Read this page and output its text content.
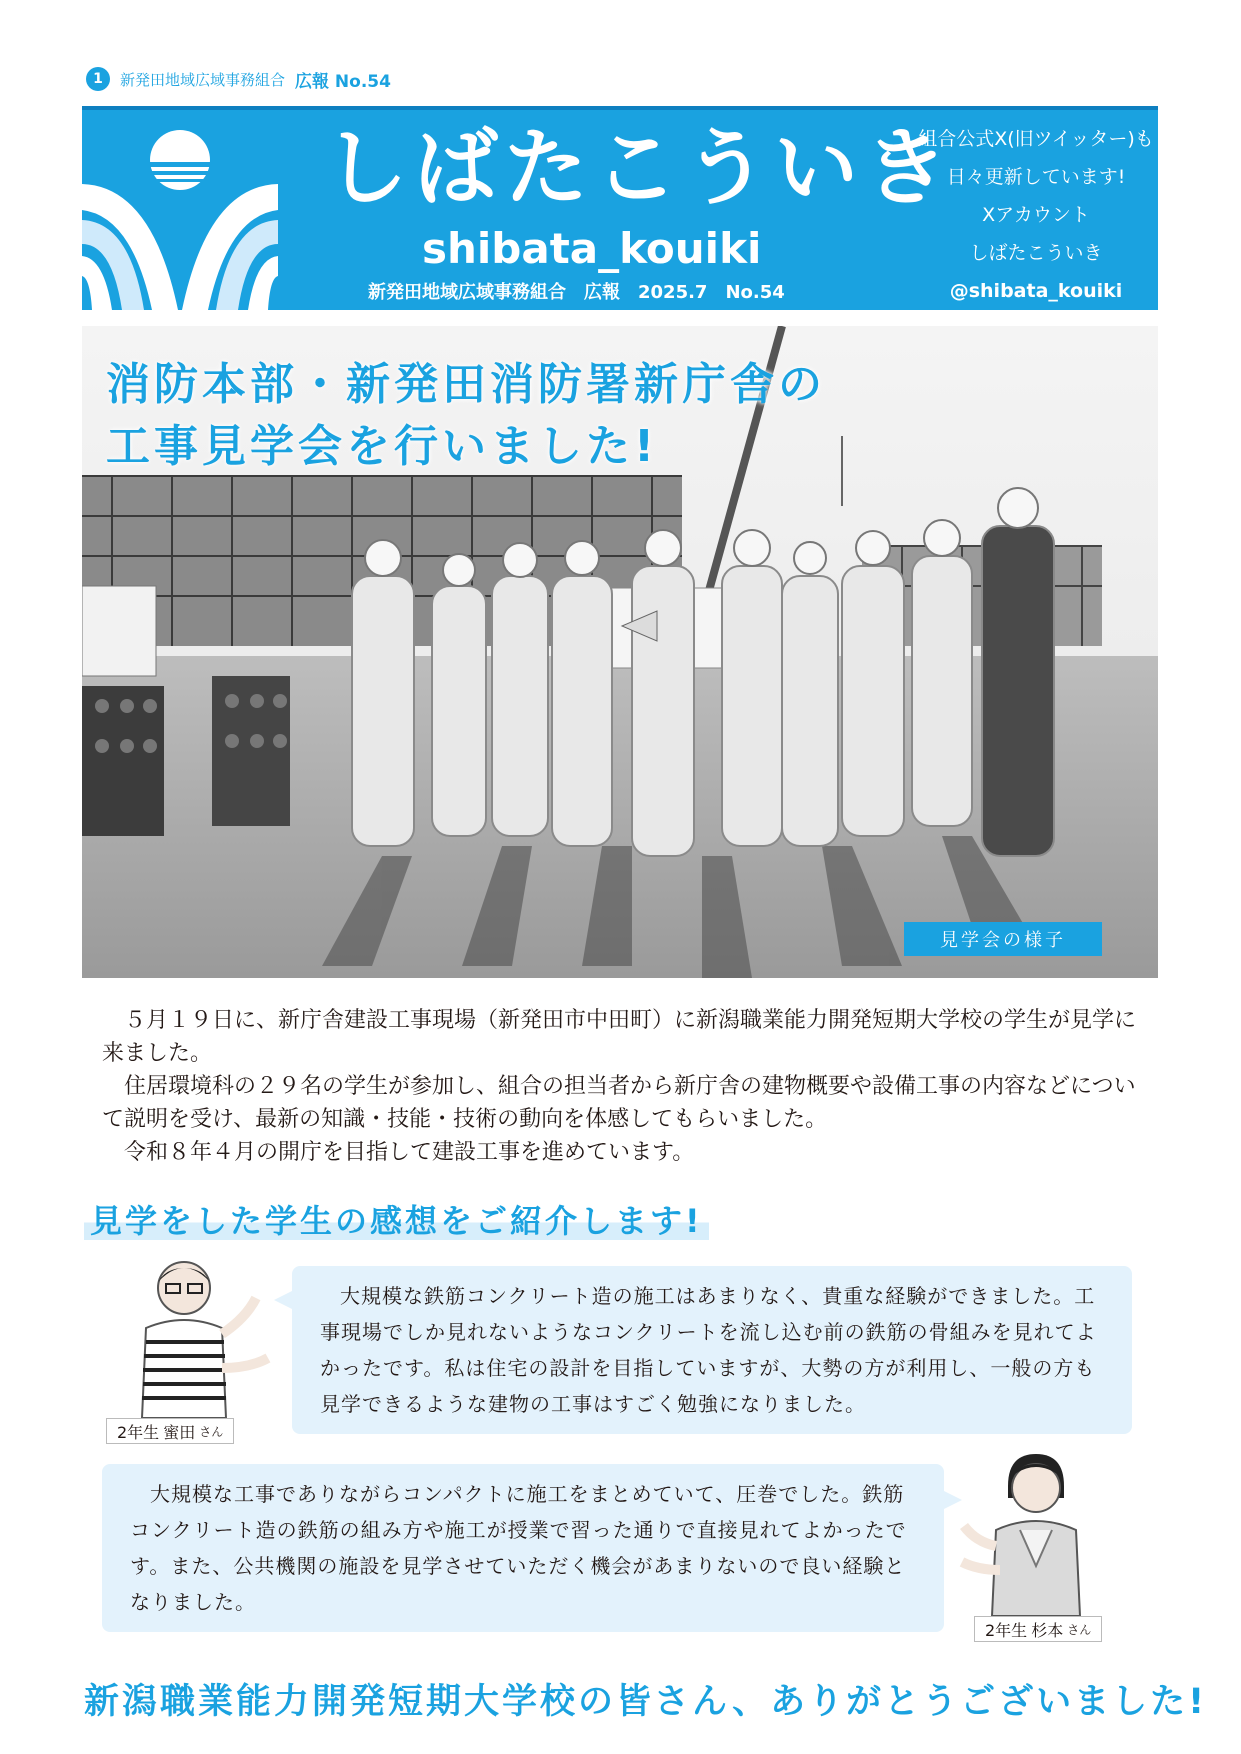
1	新発田地域広域事務組合 広報 No.54
しばたこういき
shibata_kouiki
新発田地域広域事務組合　広報　2025.7　No.54
組合公式X(旧ツイッター)も
日々更新しています!
Xアカウント
しばたこういき
@shibata_kouiki
消防本部・新発田消防署新庁舎の
工事見学会を行いました!
見学会の様子

５月１９日に、新庁舎建設工事現場（新発田市中田町）に新潟職業能力開発短期大学校の学生が見学に来ました。

住居環境科の２９名の学生が参加し、組合の担当者から新庁舎の建物概要や設備工事の内容などについて説明を受け、最新の知識・技能・技術の動向を体感してもらいました。

令和８年４月の開庁を目指して建設工事を進めています。

見学をした学生の感想をご紹介します!
2年生 蜜田 さん

大規模な鉄筋コンクリート造の施工はあまりなく、貴重な経験ができました。工事現場でしか見れないようなコンクリートを流し込む前の鉄筋の骨組みを見れてよかったです。私は住宅の設計を目指していますが、大勢の方が利用し、一般の方も見学できるような建物の工事はすごく勉強になりました。

大規模な工事でありながらコンパクトに施工をまとめていて、圧巻でした。鉄筋コンクリート造の鉄筋の組み方や施工が授業で習った通りで直接見れてよかったです。また、公共機関の施設を見学させていただく機会があまりないので良い経験となりました。

2年生 杉本 さん
新潟職業能力開発短期大学校の皆さん、ありがとうございました!
